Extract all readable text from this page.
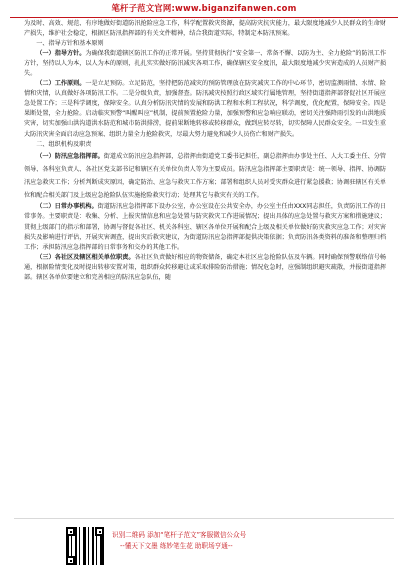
笔杆子范文官网:www.biganzifanwen.com

为及时、高效、规范、有序地做好街道防汛抢险应急工作，科学配置救灾资源，提高防灾抗灾能力，最大限度地减少人民群众的生命财产损失，维护社会稳定，根据区防汛指挥部的有关文件精神，结合我街道实际，特制定本防汛预案。

一、指导方针和基本原则

（一）指导方针。为确保我街道辖区防汛工作的正常开展。坚持贯彻执行“安全第一、常备不懈、以防为主、全力抢险”的防汛工作方针，坚持以人为本，以人为本的原则，扎扎实实做好防汛减灾各项工作，确保辖区安全度汛，最大限度地减少灾害造成的人员财产损失。

（二）工作原则。一是立足预防。立足防范，坚持把防范减灾的预防管理放在防灾减灾工作的中心环节，密切监测雨情、水情、险情和灾情，认真做好各项防汛工作。二是分级负责，加强督查。防汛减灾按照行政区域实行属地管理，坚持街道指挥部督促社区开展应急处置工作；三是科学调度，保障安全。认真分析防汛灾情的发展和防洪工程和水利工程状况，科学调度，优化配置，保障安全。四是果断处置，全力抢险。启动临灾预警“叫醒叫应”机制，提前预置抢险力量，加强预警和应急响应联动，密切关注强降雨引发的山洪地质灾害，切实加强山洪沟道洪水防范和城市防洪排涝，提前果断地转移或转移群众，做到应转尽转，切实保障人民群众安全。一旦发生重大防汛灾害全面启动应急预案、组织力量全力抢险救灾，尽最大努力避免和减少人员伤亡和财产损失。

二、组织机构及职责

（一）防汛应急指挥部。街道成立防汛应急指挥部，总指挥由街道党工委书记担任，副总指挥由办事处主任、人大工委主任、分管领导、各科室负责人、各社区党支部书记和辖区有关单位负责人等为主要成员。防汛应急指挥部主要职责是：统一领导、指挥、协调防汛应急救灾工作；分析判断成灾原因，确定防治、应急与救灾工作方案；部署和组织人员对受灾群众进行紧急援救；协调驻辖区有关单位和配合相关部门及上级应急抢险队伍实施抢险救灾行动；处理其它与救灾有关的工作。

（二）日常办事机构。街道防汛应急指挥部下设办公室，办公室设在公共安全办，办公室主任由XXX同志担任，负责防汛工作的日常事务。主要职责是：收集、分析、上报灾情信息和应急处置与防灾救灾工作进展情况；提出具体的应急处置与救灾方案和措施建议；贯彻上级部门的指示和部署，协调与督促各社区、机关各科室、辖区各单位开展和配合上级及相关单位做好防灾救灾应急工作；对灾害损失及影响进行评估，开展灾害调查，提出灾后救灾建议，为街道防汛应急指挥部提供决策依据；负责防汛各类资料的准备和整理归档工作；承担防汛应急指挥部的日常事务和交办的其他工作。

（三）各社区及辖区相关单位职责。各社区负责做好相应的物资储备，确定本社区应急抢险队伍及车辆。同时确保预警联络信号畅通，根据险情变化及时提出转移安置对策，组织群众转移避让或采取排险防治措施；情况危急时，应强制组织避灾疏散，并报街道指挥部。辖区各单位要建立和完善相应的防汛应急队伍，随

识别二维码 添加“笔杆子范文”客服微信公众号
--懂天下文墨 练妙笔生花 助职场亨通--
